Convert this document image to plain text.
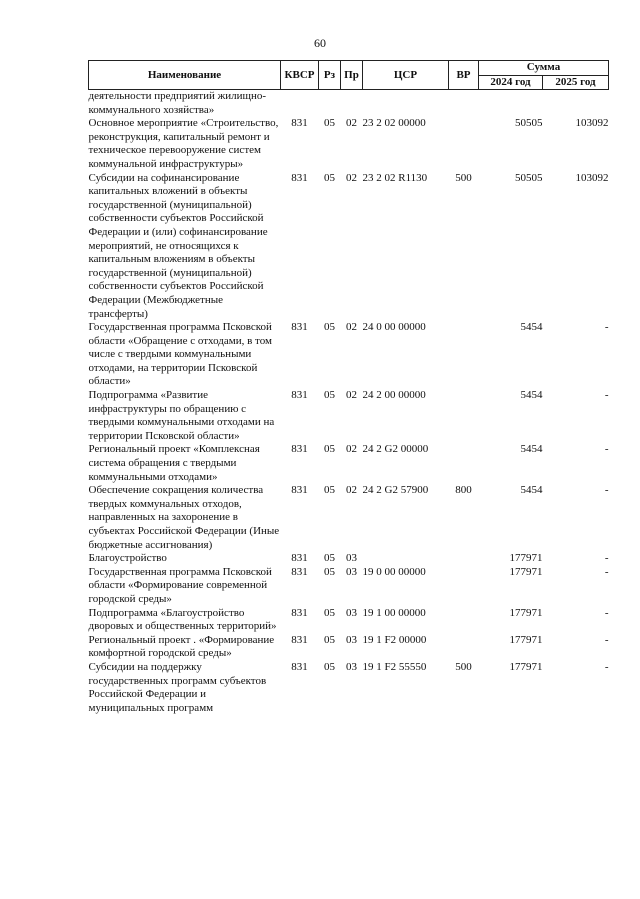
60
Наименование	КВСР	Рз	Пр	ЦСР	ВР	Сумма	
						2024 год	2025 год
деятельности предприятий жилищно-коммунального хозяйства»							
Основное мероприятие «Строительство, реконструкция, капитальный ремонт и техническое перевооружение систем коммунальной инфраструктуры»	831	05	02	23 2 02 00000		50505	103092
Субсидии на софинансирование капитальных вложений в объекты государственной (муниципальной) собственности субъектов Российской Федерации и (или) софинансирование мероприятий, не относящихся к капитальным вложениям в объекты государственной (муниципальной) собственности субъектов Российской Федерации (Межбюджетные трансферты)	831	05	02	23 2 02 R1130	500	50505	103092
Государственная программа Псковской области «Обращение с отходами, в том числе с твердыми коммунальными отходами, на территории Псковской области»	831	05	02	24 0 00 00000		5454	-
Подпрограмма «Развитие инфраструктуры по обращению с твердыми коммунальными отходами на территории Псковской области»	831	05	02	24 2 00 00000		5454	-
Региональный проект «Комплексная система обращения с твердыми коммунальными отходами»	831	05	02	24 2 G2 00000		5454	-
Обеспечение сокращения количества твердых коммунальных отходов, направленных на захоронение в субъектах Российской Федерации (Иные бюджетные ассигнования)	831	05	02	24 2 G2 57900	800	5454	-
Благоустройство	831	05	03			177971	-
Государственная программа Псковской области «Формирование современной городской среды»	831	05	03	19 0 00 00000		177971	-
Подпрограмма «Благоустройство дворовых и общественных территорий»	831	05	03	19 1 00 00000		177971	-
Региональный проект . «Формирование комфортной городской среды»	831	05	03	19 1 F2 00000		177971	-
Субсидии на поддержку государственных программ субъектов Российской Федерации и муниципальных программ	831	05	03	19 1 F2 55550	500	177971	-
